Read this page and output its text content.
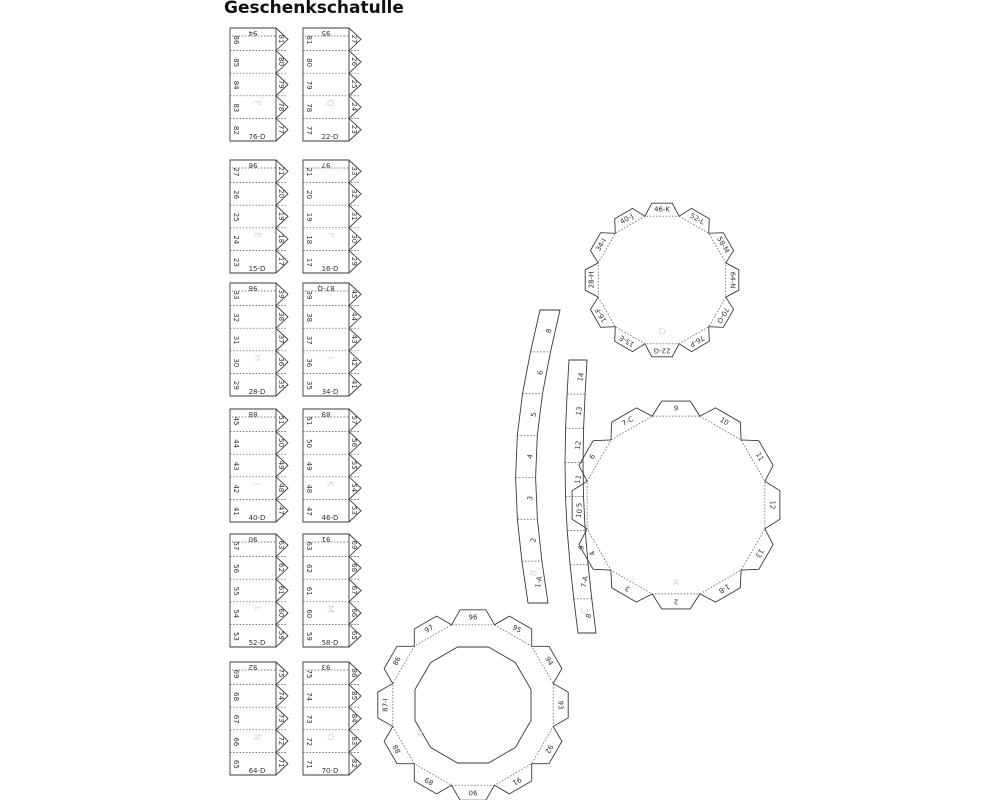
Geschenkschatulle
94
76-D
86
85
84
83
82
81
80
79
78
77
P
95
22-D
81
80
79
78
77
27
26
25
24
23
Q
96
15-D
27
26
25
24
23
21
20
19
18
17
E
97
16-D
21
20
19
18
17
33
32
31
30
29
F
98
28-D
33
32
31
30
29
39
38
37
36
35
H
87-Q
34-D
39
38
37
36
35
45
44
43
42
41
I
88
40-D
45
44
43
42
41
51
50
49
48
47
J
89
46-D
51
50
49
48
47
57
56
55
54
53
K
90
52-D
57
56
55
54
53
63
62
61
60
59
L
91
58-D
63
62
61
60
59
69
68
67
66
65
M
92
64-D
69
68
67
66
65
75
74
73
72
71
N
93
70-D
75
74
73
72
71
86
85
84
83
82
O
8
6
5
4
3
2
1-A
B
14
13
12
11
10
9
7-A
8
C
52-L
58-M
64-N
70-O
76-P
22-G
15-E
16-F
28-H
34-I
40-J
46-K
D
10
11
12
13
1-B
2
3
4
5
6
7-C
9
A
95
94
93
92
91
90
89
88
87-I
86
97
96
R
